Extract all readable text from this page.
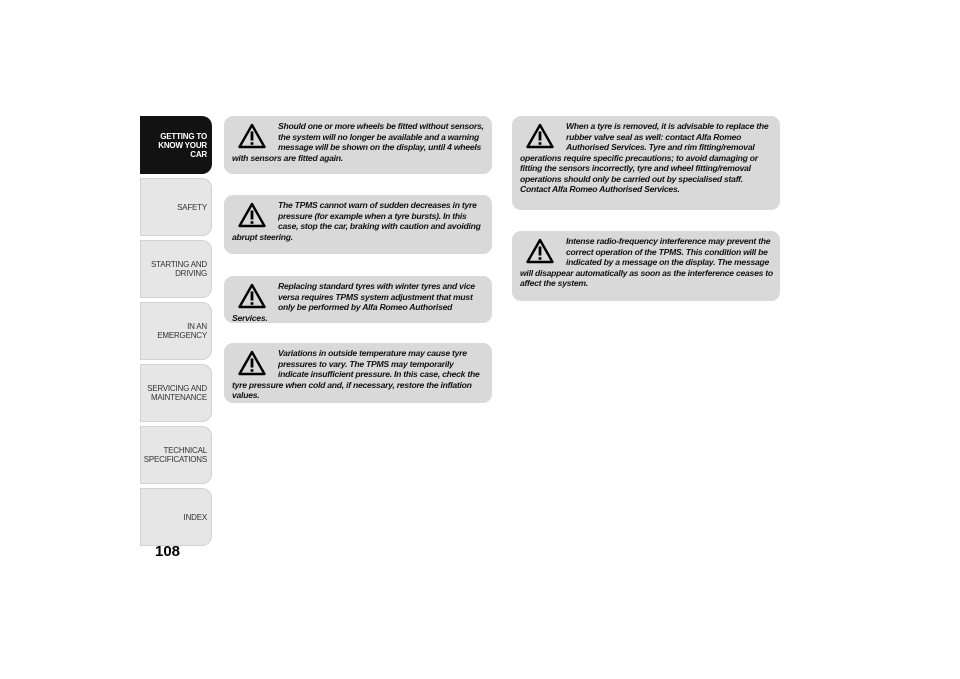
GETTING TO
KNOW YOUR CAR
SAFETY
STARTING AND
DRIVING
IN AN EMERGENCY
SERVICING AND
MAINTENANCE
TECHNICAL
SPECIFICATIONS
INDEX
108

Should one or more wheels be fitted without sensors, the system will no longer be available and a warning message will be shown on the display, until 4 wheels with sensors are fitted again.

The TPMS cannot warn of sudden decreases in tyre pressure (for example when a tyre bursts). In this case, stop the car, braking with caution and avoiding abrupt steering.

Replacing standard tyres with winter tyres and vice versa requires TPMS system adjustment that must only be performed by Alfa Romeo Authorised Services.

Variations in outside temperature may cause tyre pressures to vary. The TPMS may temporarily indicate insufficient pressure. In this case, check the tyre pressure when cold and, if necessary, restore the inflation values.

When a tyre is removed, it is advisable to replace the rubber valve seal as well: contact Alfa Romeo Authorised Services. Tyre and rim fitting/removal operations require specific precautions; to avoid damaging or fitting the sensors incorrectly, tyre and wheel fitting/removal operations should only be carried out by specialised staff. Contact Alfa Romeo Authorised Services.

Intense radio-frequency interference may prevent the correct operation of the TPMS. This condition will be indicated by a message on the display. The message will disappear automatically as soon as the interference ceases to affect the system.
